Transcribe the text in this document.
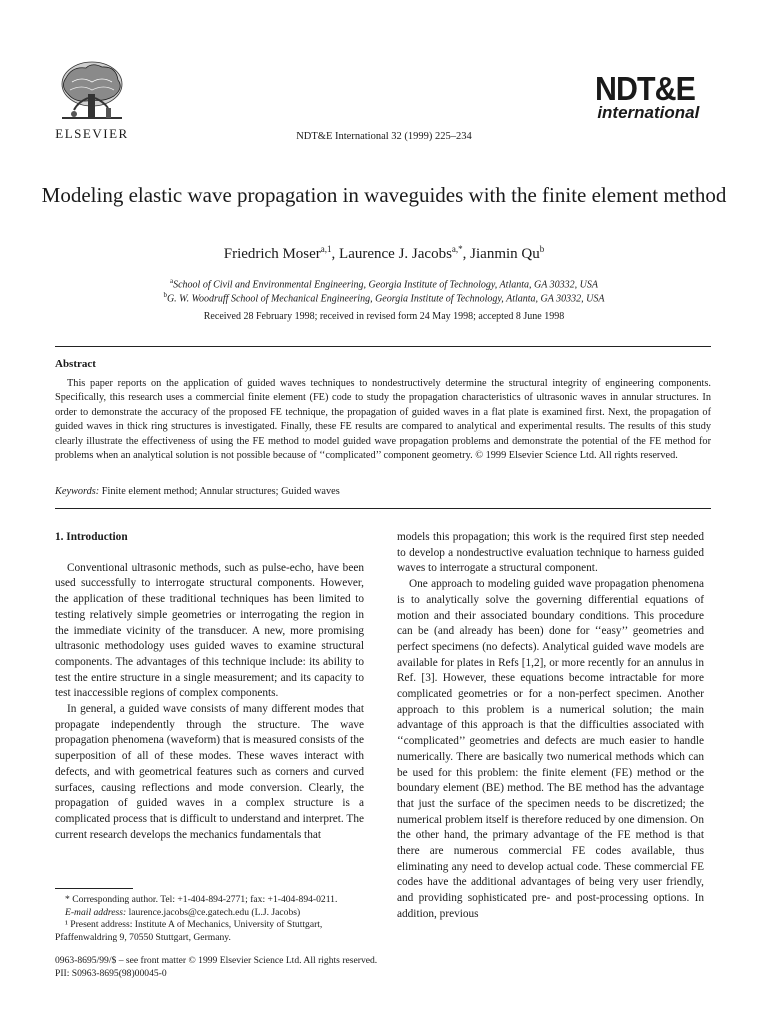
ELSEVIER	NDT&E International 32 (1999) 225–234
NDT&E
international
Modeling elastic wave propagation in waveguides with the finite element method
Friedrich Moser$^{a,1}$, Laurence J. Jacobs$^{a,*}$, Jianmin Qu$^b$
$^a$School of Civil and Environmental Engineering, Georgia Institute of Technology, Atlanta, GA 30332, USA
$^b$G. W. Woodruff School of Mechanical Engineering, Georgia Institute of Technology, Atlanta, GA 30332, USA
Received 28 February 1998; received in revised form 24 May 1998; accepted 8 June 1998
Abstract
This paper reports on the application of guided waves techniques to nondestructively determine the structural integrity of engineering components. Specifically, this research uses a commercial finite element (FE) code to study the propagation characteristics of ultrasonic waves in annular structures. In order to demonstrate the accuracy of the proposed FE technique, the propagation of guided waves in a flat plate is examined first. Next, the propagation of guided waves in thick ring structures is investigated. Finally, these FE results are compared to analytical and experimental results. The results of this study clearly illustrate the effectiveness of using the FE method to model guided wave propagation problems and demonstrate the potential of the FE method for problems when an analytical solution is not possible because of ‘‘complicated’’ component geometry. © 1999 Elsevier Science Ltd. All rights reserved.
Keywords: Finite element method; Annular structures; Guided waves

1. Introduction

Conventional ultrasonic methods, such as pulse-echo, have been used successfully to interrogate structural components. However, the application of these traditional techniques has been limited to testing relatively simple geometries or interrogating the region in the immediate vicinity of the transducer. A new, more promising ultrasonic methodology uses guided waves to examine structural components. The advantages of this technique include: its ability to test the entire structure in a single measurement; and its capacity to test inaccessible regions of complex components.

In general, a guided wave consists of many different modes that propagate independently through the structure. The wave propagation phenomena (waveform) that is measured consists of the superposition of all of these modes. These waves interact with defects, and with geometrical features such as corners and curved surfaces, causing reflections and mode conversion. Clearly, the propagation of guided waves in a complex structure is a complicated process that is difficult to understand and interpret. The current research develops the mechanics fundamentals that

models this propagation; this work is the required first step needed to develop a nondestructive evaluation technique to harness guided waves to interrogate a structural component.

One approach to modeling guided wave propagation phenomena is to analytically solve the governing differential equations of motion and their associated boundary conditions. This procedure can be (and already has been) done for ‘‘easy’’ geometries and perfect specimens (no defects). Analytical guided wave models are available for plates in Refs [1,2], or more recently for an annulus in Ref. [3]. However, these equations become intractable for more complicated geometries or for a non-perfect specimen. Another approach to this problem is a numerical solution; the main advantage of this approach is that the difficulties associated with ‘‘complicated’’ geometries and defects are much easier to handle numerically. There are basically two numerical methods which can be used for this problem: the finite element (FE) method or the boundary element (BE) method. The BE method has the advantage that just the surface of the specimen needs to be discretized; the numerical problem itself is therefore reduced by one dimension. On the other hand, the primary advantage of the FE method is that there are numerous commercial FE codes available, thus eliminating any need to develop actual code. These commercial FE codes have the additional advantages of being very user friendly, and providing sophisticated pre- and post-processing options. In addition, previous

* Corresponding author. Tel: +1-404-894-2771; fax: +1-404-894-0211.
E-mail address: laurence.jacobs@ce.gatech.edu (L.J. Jacobs)
¹ Present address: Institute A of Mechanics, University of Stuttgart, Pfaffenwaldring 9, 70550 Stuttgart, Germany.
0963-8695/99/$ – see front matter © 1999 Elsevier Science Ltd. All rights reserved.
PII: S0963-8695(98)00045-0
